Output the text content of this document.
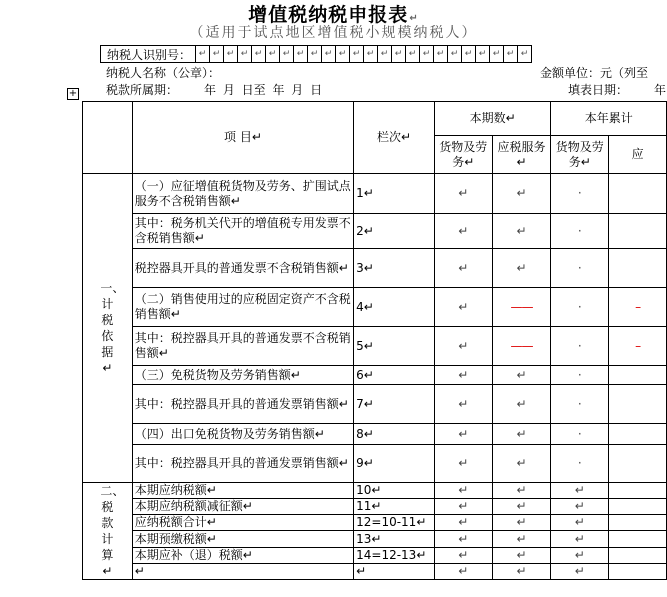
增值税纳税申报表↵
（适用于试点地区增值税小规模纳税人）
纳税人识别号： ↵ ↵ ↵ ↵ ↵ ↵ ↵ ↵ ↵ ↵ ↵ ↵ ↵ ↵ ↵ ↵ ↵ ↵ ↵ ↵ ↵ ↵ ↵ ↵
纳税人名称（公章）：	金额单位：元（列至
税款所属期： 年 月 日至 年 月 日	填表日期： 年
+
	项 目↵	栏次↵	本期数↵		本年累计	
			货物及劳务↵	应税服务↵	货物及劳务↵	应
一、计税依据↵	（一）应征增值税货物及劳务、扩围试点服务不含税销售额↵	1↵	↵	↵	·	
	其中：税务机关代开的增值税专用发票不含税销售额↵	2↵	↵	↵	·	
	税控器具开具的普通发票不含税销售额↵	3↵	↵	↵	·	
	（二）销售使用过的应税固定资产不含税销售额↵	4↵	↵	——	·	–
	其中：税控器具开具的普通发票不含税销售额↵	5↵	↵	——	·	–
	（三）免税货物及劳务销售额↵	6↵	↵	↵	·	
	其中：税控器具开具的普通发票销售额↵	7↵	↵	↵	·	
	（四）出口免税货物及劳务销售额↵	8↵	↵	↵	·	
	其中：税控器具开具的普通发票销售额↵	9↵	↵	↵	·	
二、税款计算↵	本期应纳税额↵	10↵	↵	↵	↵	
	本期应纳税额减征额↵	11↵	↵	↵	↵	
	应纳税额合计↵	12=10-11↵	↵	↵	↵	
	本期预缴税额↵	13↵	↵	↵	↵	
	本期应补（退）税额↵	14=12-13↵	↵	↵	↵	
	↵	↵	↵	↵	↵	
